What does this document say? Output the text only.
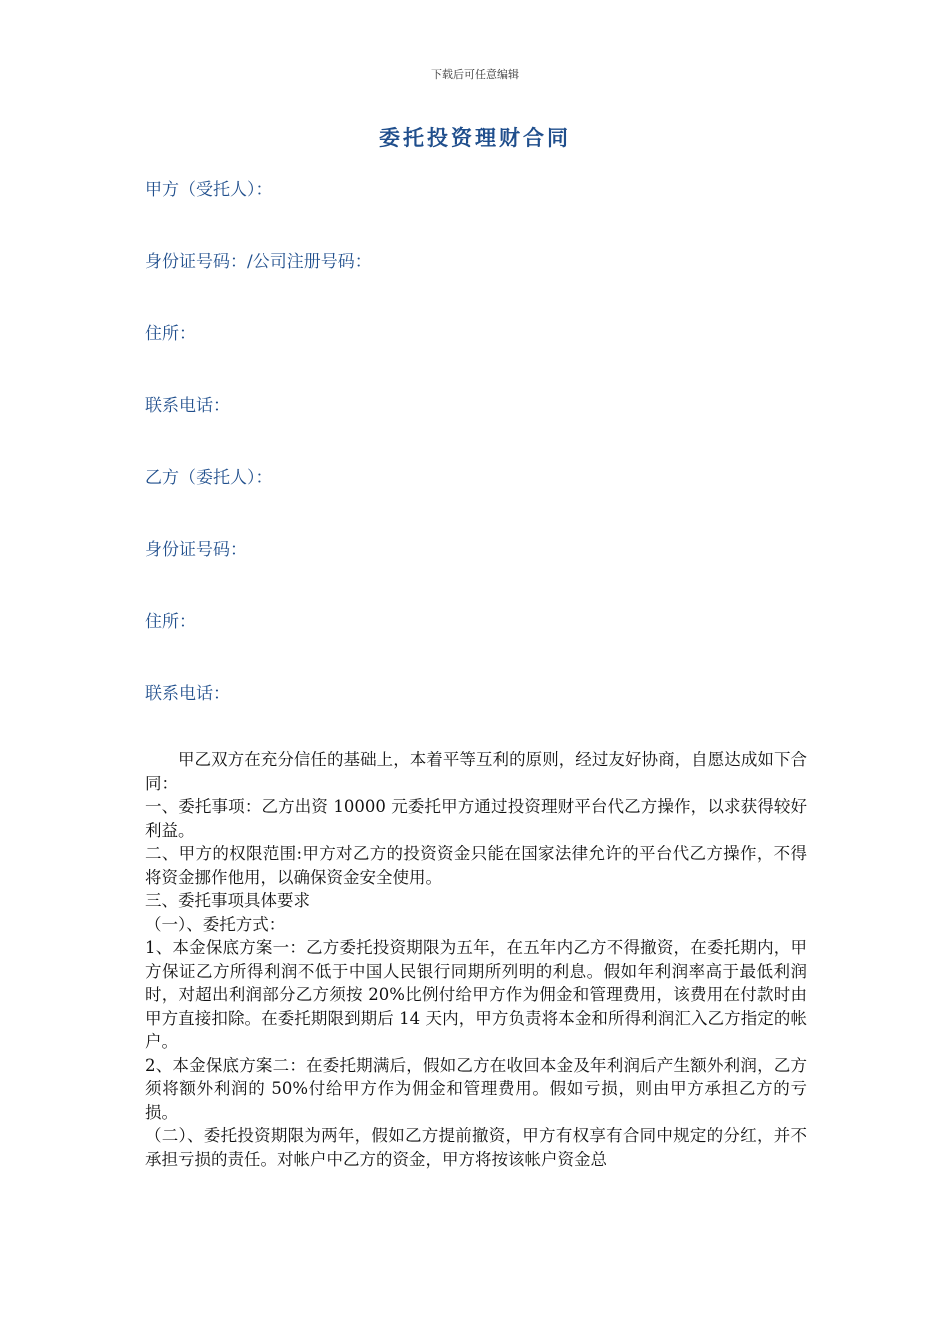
下载后可任意编辑
委托投资理财合同
甲方（受托人）：
身份证号码：/公司注册号码：
住所：
联系电话：
乙方（委托人）：
身份证号码：
住所：
联系电话：

甲乙双方在充分信任的基础上，本着平等互利的原则，经过友好协商，自愿达成如下合同：

一、委托事项：乙方出资 10000 元委托甲方通过投资理财平台代乙方操作，以求获得较好利益。

二、甲方的权限范围:甲方对乙方的投资资金只能在国家法律允许的平台代乙方操作，不得将资金挪作他用，以确保资金安全使用。

三、委托事项具体要求

（一）、委托方式：

1、本金保底方案一：乙方委托投资期限为五年，在五年内乙方不得撤资，在委托期内，甲方保证乙方所得利润不低于中国人民银行同期所列明的利息。假如年利润率高于最低利润时，对超出利润部分乙方须按 20%比例付给甲方作为佣金和管理费用，该费用在付款时由甲方直接扣除。在委托期限到期后 14 天内，甲方负责将本金和所得利润汇入乙方指定的帐户。

2、本金保底方案二：在委托期满后，假如乙方在收回本金及年利润后产生额外利润，乙方须将额外利润的 50%付给甲方作为佣金和管理费用。假如亏损，则由甲方承担乙方的亏损。

（二）、委托投资期限为两年，假如乙方提前撤资，甲方有权享有合同中规定的分红，并不承担亏损的责任。对帐户中乙方的资金，甲方将按该帐户资金总
